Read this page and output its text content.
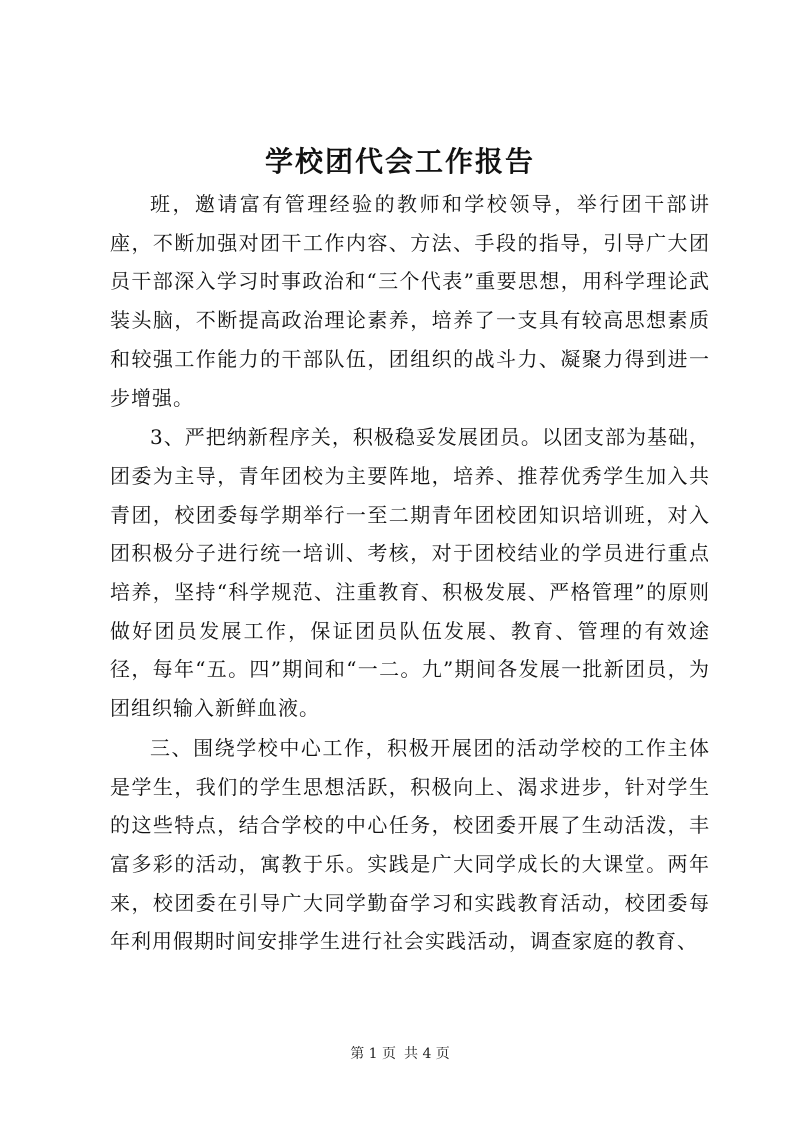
学校团代会工作报告

班，邀请富有管理经验的教师和学校领导，举行团干部讲座，不断加强对团干工作内容、方法、手段的指导，引导广大团员干部深入学习时事政治和“三个代表”重要思想，用科学理论武装头脑，不断提高政治理论素养，培养了一支具有较高思想素质和较强工作能力的干部队伍，团组织的战斗力、凝聚力得到进一步增强。

3、严把纳新程序关，积极稳妥发展团员。以团支部为基础，团委为主导，青年团校为主要阵地，培养、推荐优秀学生加入共青团，校团委每学期举行一至二期青年团校团知识培训班，对入团积极分子进行统一培训、考核，对于团校结业的学员进行重点培养，坚持“科学规范、注重教育、积极发展、严格管理”的原则做好团员发展工作，保证团员队伍发展、教育、管理的有效途径，每年“五。四”期间和“一二。九”期间各发展一批新团员，为团组织输入新鲜血液。

三、围绕学校中心工作，积极开展团的活动学校的工作主体是学生，我们的学生思想活跃，积极向上、渴求进步，针对学生的这些特点，结合学校的中心任务，校团委开展了生动活泼，丰富多彩的活动，寓教于乐。实践是广大同学成长的大课堂。两年来，校团委在引导广大同学勤奋学习和实践教育活动，校团委每年利用假期时间安排学生进行社会实践活动，调查家庭的教育、

第 1 页 共 4 页
